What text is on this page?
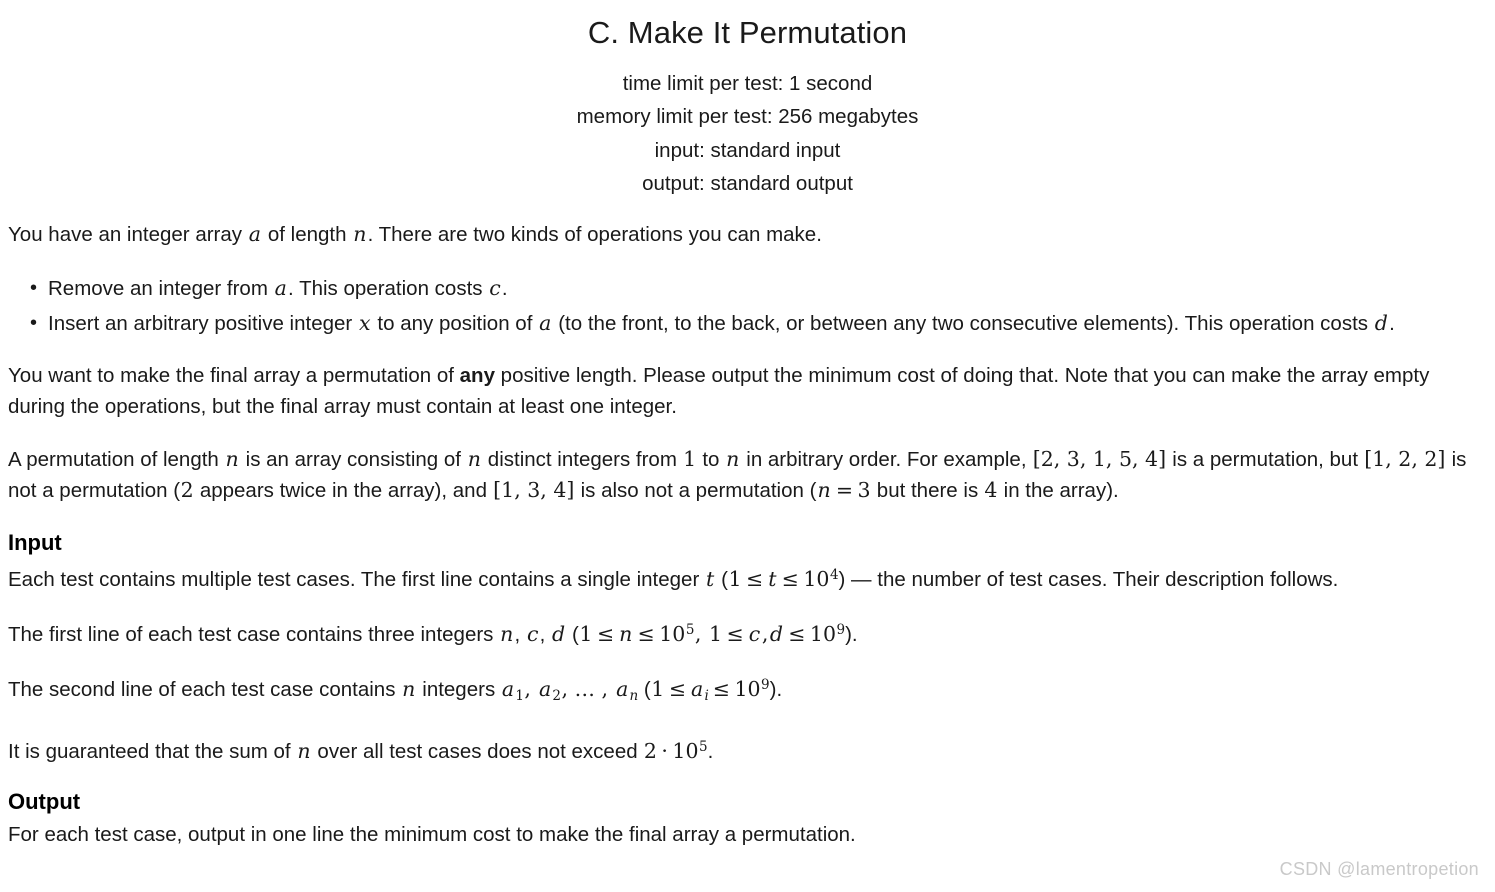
C. Make It Permutation
time limit per test: 1 second
memory limit per test: 256 megabytes
input: standard input
output: standard output

You have an integer array a of length n. There are two kinds of operations you can make.

• Remove an integer from a. This operation costs c.
• Insert an arbitrary positive integer x to any position of a (to the front, to the back, or between any two consecutive elements). This operation costs d.

You want to make the final array a permutation of any positive length. Please output the minimum cost of doing that. Note that you can make the array empty during the operations, but the final array must contain at least one integer.

A permutation of length n is an array consisting of n distinct integers from 1 to n in arbitrary order. For example, [2, 3, 1, 5, 4] is a permutation, but [1, 2, 2] is not a permutation (2 appears twice in the array), and [1, 3, 4] is also not a permutation (n = 3 but there is 4 in the array).

Input

Each test contains multiple test cases. The first line contains a single integer t $(1 \le t \le 10^4)$ — the number of test cases. Their description follows.

The first line of each test case contains three integers n, c, d ($1 \le n \le 10^5$, $1 \le c,d \le 10^9$).

The second line of each test case contains n integers a1, a2, … , an (1 ≤ ai ≤ $10^9$).

It is guaranteed that the sum of n over all test cases does not exceed $2 \cdot 10^5$.

Output

For each test case, output in one line the minimum cost to make the final array a permutation.

CSDN @lamentropetion
